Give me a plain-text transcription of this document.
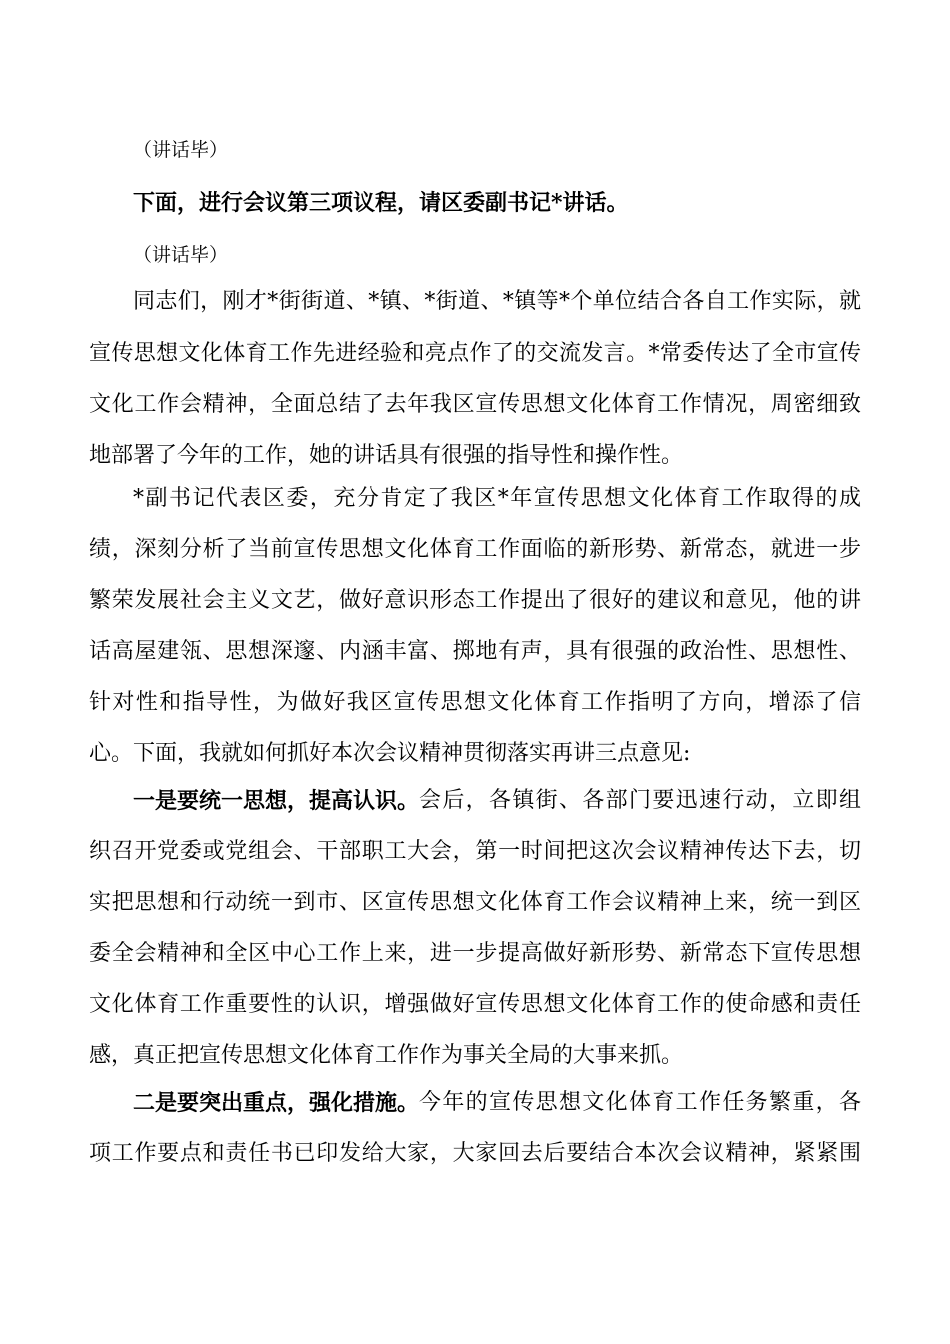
（讲话毕）
下面，进行会议第三项议程，请区委副书记*讲话。
（讲话毕）
同志们，刚才*街街道、*镇、*街道、*镇等*个单位结合各自工作实际，就
宣传思想文化体育工作先进经验和亮点作了的交流发言。*常委传达了全市宣传
文化工作会精神，全面总结了去年我区宣传思想文化体育工作情况，周密细致
地部署了今年的工作，她的讲话具有很强的指导性和操作性。
*副书记代表区委，充分肯定了我区*年宣传思想文化体育工作取得的成
绩，深刻分析了当前宣传思想文化体育工作面临的新形势、新常态，就进一步
繁荣发展社会主义文艺，做好意识形态工作提出了很好的建议和意见，他的讲
话高屋建瓴、思想深邃、内涵丰富、掷地有声，具有很强的政治性、思想性、
针对性和指导性，为做好我区宣传思想文化体育工作指明了方向，增添了信
心。下面，我就如何抓好本次会议精神贯彻落实再讲三点意见:
一是要统一思想，提高认识。 会后，各镇街、各部门要迅速行动，立即组
织召开党委或党组会、干部职工大会，第一时间把这次会议精神传达下去，切
实把思想和行动统一到市、区宣传思想文化体育工作会议精神上来，统一到区
委全会精神和全区中心工作上来，进一步提高做好新形势、新常态下宣传思想
文化体育工作重要性的认识，增强做好宣传思想文化体育工作的使命感和责任
感，真正把宣传思想文化体育工作作为事关全局的大事来抓。
二是要突出重点，强化措施。 今年的宣传思想文化体育工作任务繁重，各
项工作要点和责任书已印发给大家，大家回去后要结合本次会议精神，紧紧围
